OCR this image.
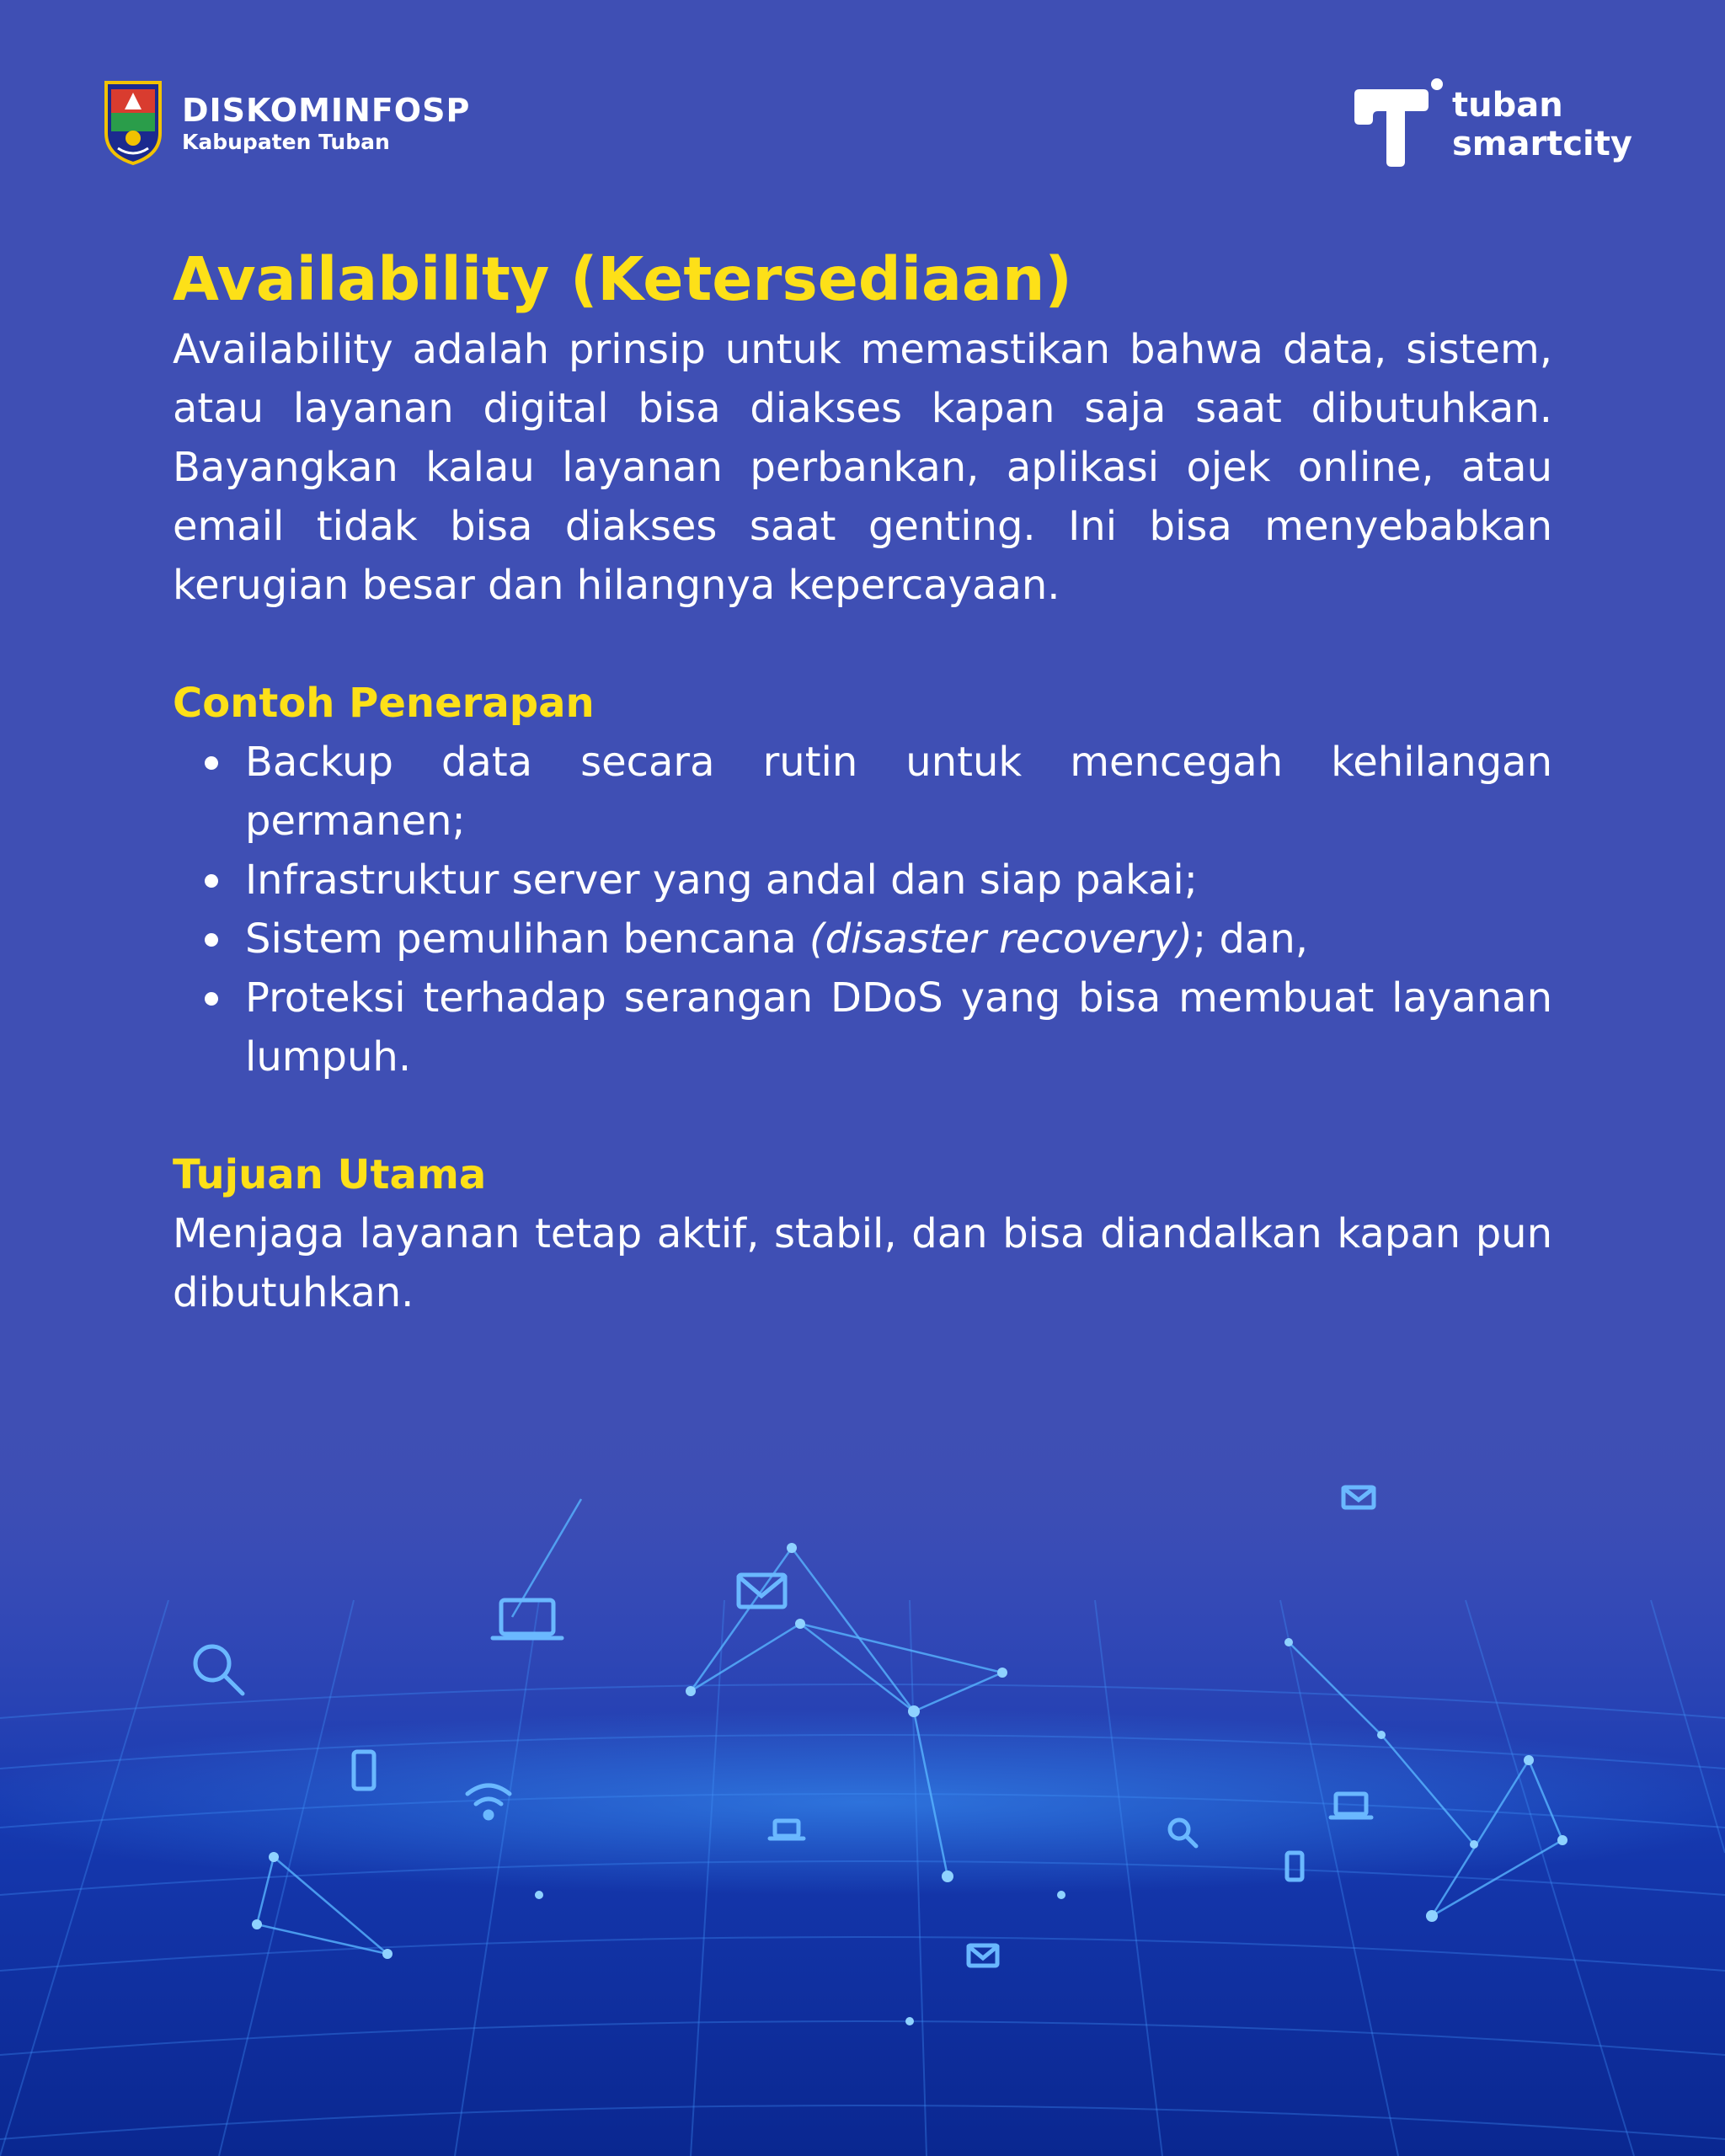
DISKOMINFOSP
Kabupaten Tuban
tuban
smartcity
Availability (Ketersediaan)

Availability adalah prinsip untuk memastikan bahwa data, sistem, atau layanan digital bisa diakses kapan saja saat dibutuhkan. Bayangkan kalau layanan perbankan, aplikasi ojek online, atau email tidak bisa diakses saat genting. Ini bisa menyebabkan kerugian besar dan hilangnya kepercayaan.

Contoh Penerapan
Backup data secara rutin untuk mencegah kehilangan permanen;
Infrastruktur server yang andal dan siap pakai;
Sistem pemulihan bencana (disaster recovery); dan,
Proteksi terhadap serangan DDoS yang bisa membuat layanan lumpuh.
Tujuan Utama

Menjaga layanan tetap aktif, stabil, dan bisa diandalkan kapan pun dibutuhkan.
